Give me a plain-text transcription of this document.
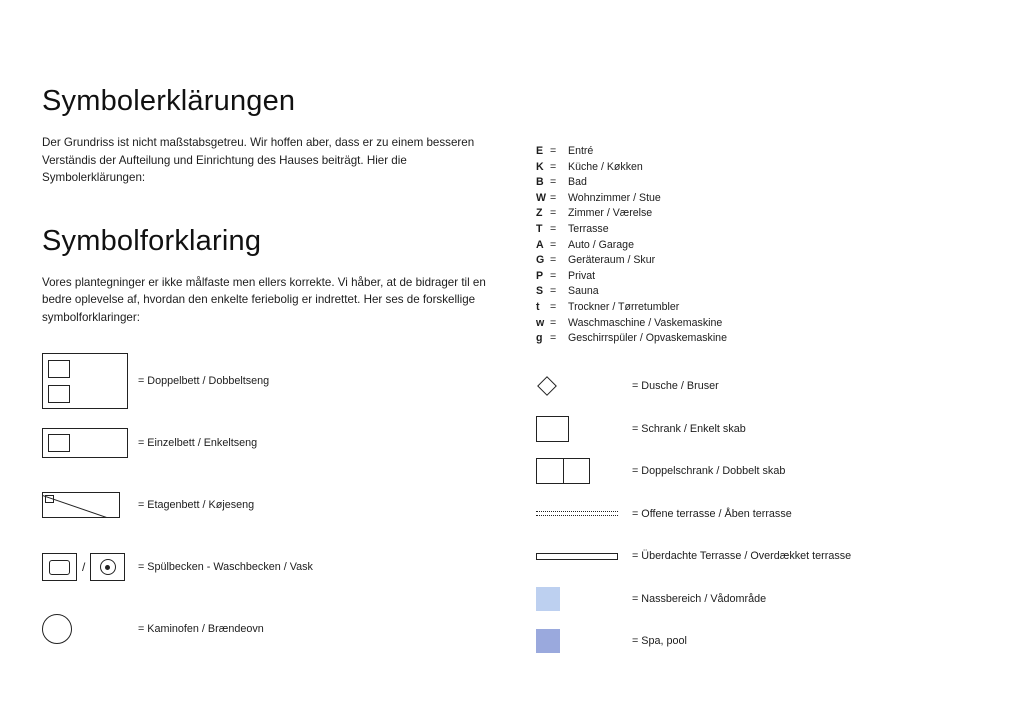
Symbolerklärungen

Der Grundriss ist nicht maßstabsgetreu. Wir hoffen aber, dass er zu einem besseren Verständis der Aufteilung und Einrichtung des Hauses beiträgt. Hier die Symbolerklärungen:

Symbolforklaring

Vores plantegninger er ikke målfaste men ellers korrekte. Vi håber, at de bidrager til en bedre oplevelse af, hvordan den enkelte feriebolig er indrettet. Her ses de forskellige symbolforklaringer:

= Doppelbett / Dobbeltseng
= Einzelbett / Enkeltseng
= Etagenbett / Køjeseng
/	= Spülbecken - Waschbecken / Vask
= Kaminofen / Brændeovn
E =	Entré
K =	Küche / Køkken
B =	Bad
W =	Wohnzimmer / Stue
Z =	Zimmer / Værelse
T =	Terrasse
A =	Auto / Garage
G =	Geräteraum / Skur
P =	Privat
S =	Sauna
t =	Trockner / Tørretumbler
w =	Waschmaschine / Vaskemaskine
g =	Geschirrspüler / Opvaskemaskine
= Dusche / Bruser
= Schrank / Enkelt skab
= Doppelschrank / Dobbelt skab
= Offene terrasse / Åben terrasse
= Überdachte Terrasse / Overdækket terrasse
= Nassbereich / Vådområde
= Spa, pool
